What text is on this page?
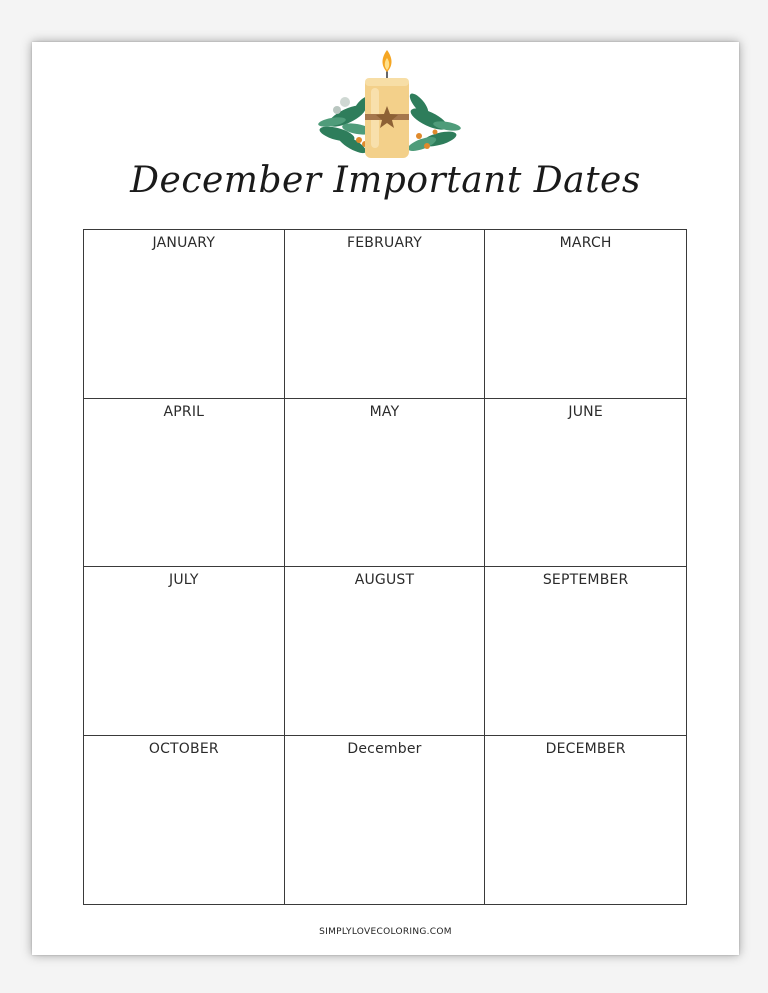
December Important Dates
JANUARY	FEBRUARY	MARCH
APRIL	MAY	JUNE
JULY	AUGUST	SEPTEMBER
OCTOBER	December	DECEMBER
SIMPLYLOVECOLORING.COM
